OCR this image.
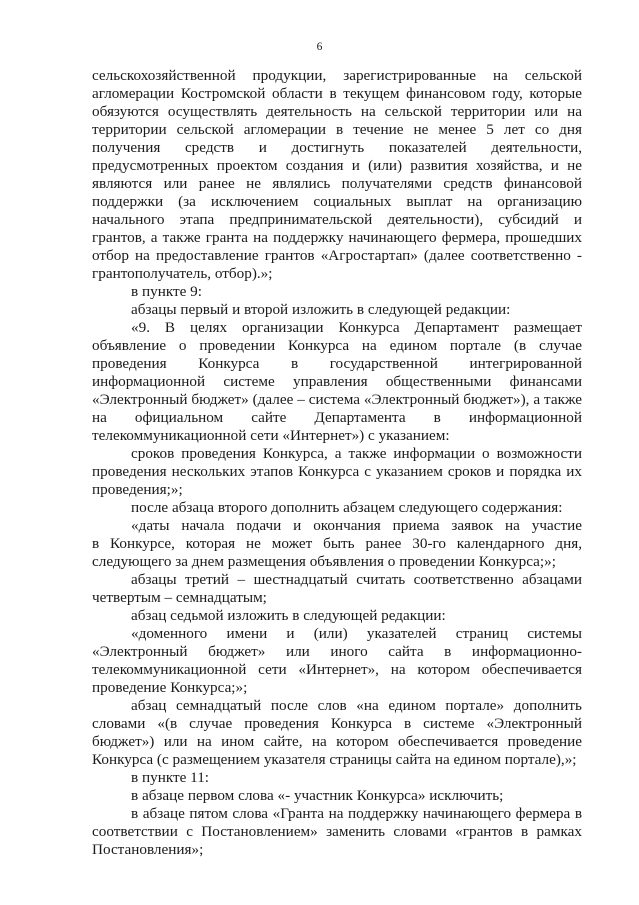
6
сельскохозяйственной продукции, зарегистрированные на сельской
агломерации Костромской области в текущем финансовом году, которые
обязуются осуществлять деятельность на сельской территории или на
территории сельской агломерации в течение не менее 5 лет со дня
получения средств и достигнуть показателей деятельности,
предусмотренных проектом создания и (или) развития хозяйства, и не
являются или ранее не являлись получателями средств финансовой
поддержки (за исключением социальных выплат на организацию
начального этапа предпринимательской деятельности), субсидий и
грантов, а также гранта на поддержку начинающего фермера, прошедших
отбор на предоставление грантов «Агростартап» (далее соответственно -
грантополучатель, отбор).»;
в пункте 9:
абзацы первый и второй изложить в следующей редакции:
«9. В целях организации Конкурса Департамент размещает
объявление о проведении Конкурса на едином портале (в случае
проведения Конкурса в государственной интегрированной
информационной системе управления общественными финансами
«Электронный бюджет» (далее – система «Электронный бюджет»), а также
на официальном сайте Департамента в информационной
телекоммуникационной сети «Интернет») с указанием:
сроков проведения Конкурса, а также информации о возможности
проведения нескольких этапов Конкурса с указанием сроков и порядка их
проведения;»;
после абзаца второго дополнить абзацем следующего содержания:
«даты начала подачи и окончания приема заявок на участие
в Конкурсе, которая не может быть ранее 30-го календарного дня,
следующего за днем размещения объявления о проведении Конкурса;»;
абзацы третий – шестнадцатый считать соответственно абзацами
четвертым – семнадцатым;
абзац седьмой изложить в следующей редакции:
«доменного имени и (или) указателей страниц системы
«Электронный бюджет» или иного сайта в информационно-
телекоммуникационной сети «Интернет», на котором обеспечивается
проведение Конкурса;»;
абзац семнадцатый после слов «на едином портале» дополнить
словами «(в случае проведения Конкурса в системе «Электронный
бюджет») или на ином сайте, на котором обеспечивается проведение
Конкурса (с размещением указателя страницы сайта на едином портале),»;
в пункте 11:
в абзаце первом слова «- участник Конкурса» исключить;
в абзаце пятом слова «Гранта на поддержку начинающего фермера в
соответствии с Постановлением» заменить словами «грантов в рамках
Постановления»;
